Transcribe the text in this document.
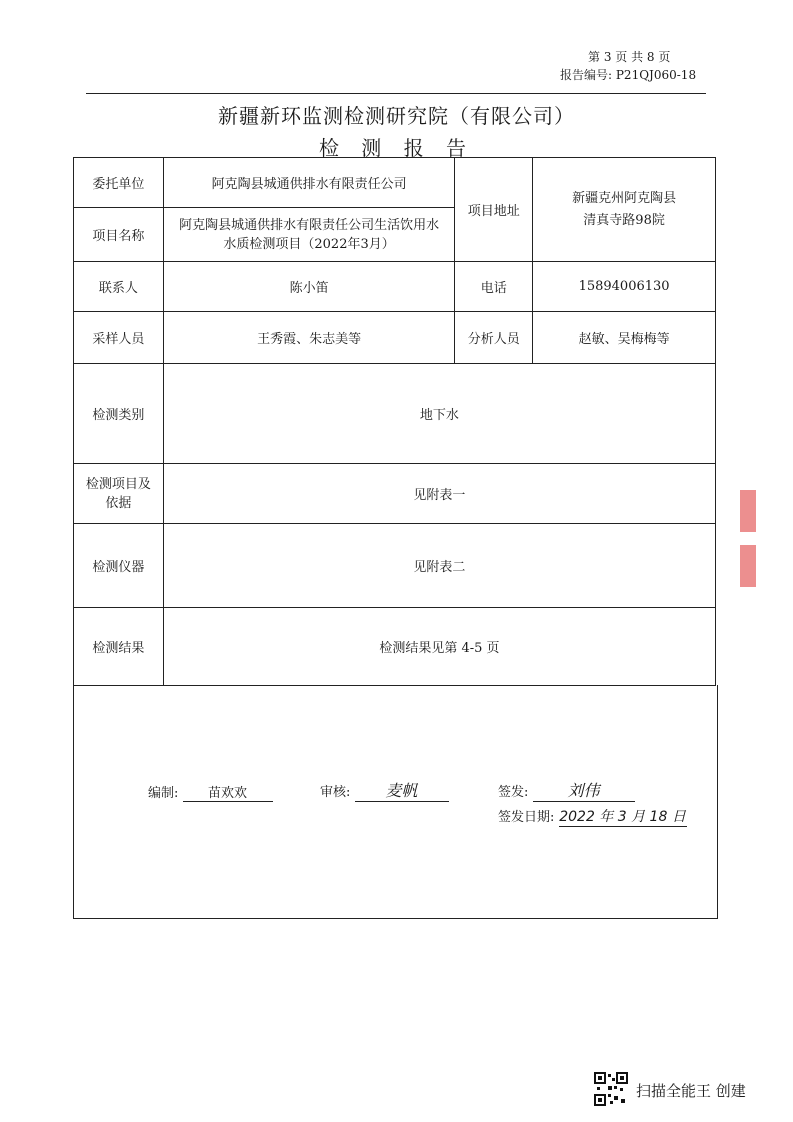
第 3 页 共 8 页
报告编号: P21QJ060-18
新疆新环监测检测研究院（有限公司）
检 测 报 告
委托单位	阿克陶县城通供排水有限责任公司	项目地址	新疆克州阿克陶县
清真寺路98院

项目名称	阿克陶县城通供排水有限责任公司生活饮用水
水质检测项目（2022年3月）		

联系人	陈小笛	电话	15894006130
采样人员	王秀霞、朱志美等	分析人员	赵敏、吴梅梅等
检测类别	地下水		

检测项目及
依据	见附表一		
检测仪器	见附表二		
检测结果	检测结果见第 4-5 页		
编制: 苗欢欢	审核: 麦帆	签发: 刘伟
签发日期: 2022 年 3 月 18 日
扫描全能王 创建
